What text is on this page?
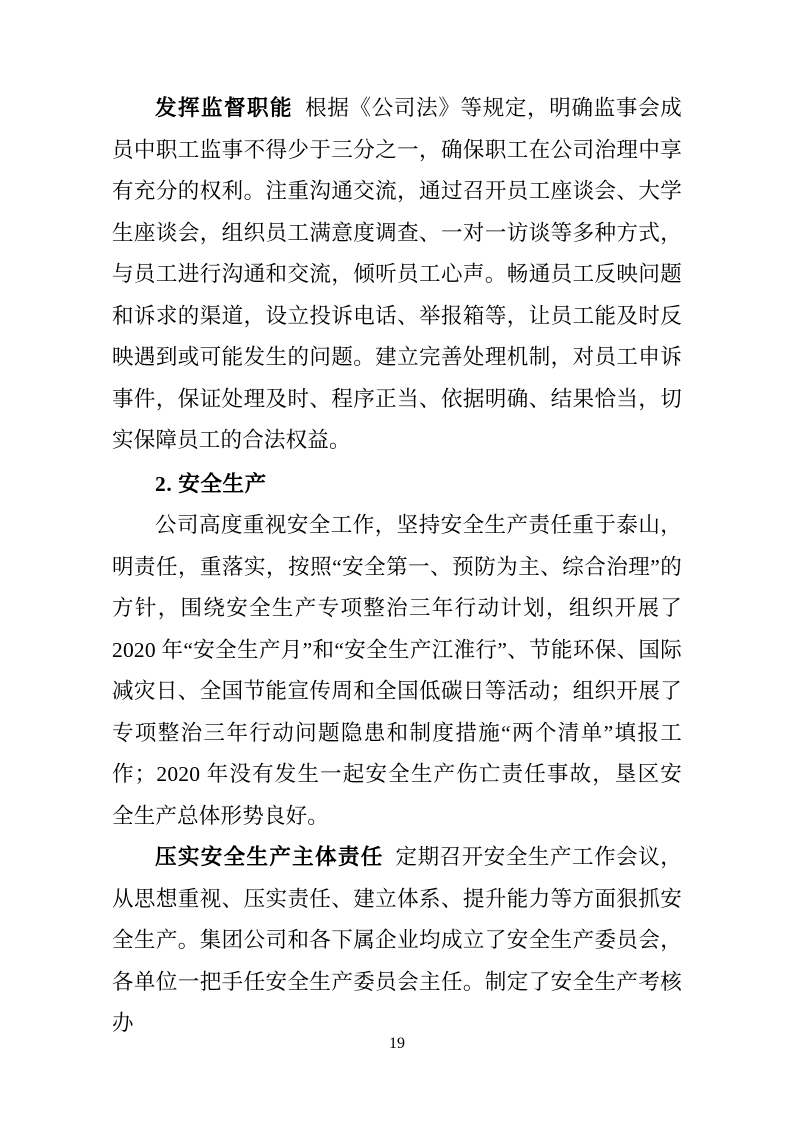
发挥监督职能 根据《公司法》等规定，明确监事会成员中职工监事不得少于三分之一，确保职工在公司治理中享有充分的权利。注重沟通交流，通过召开员工座谈会、大学生座谈会，组织员工满意度调查、一对一访谈等多种方式，与员工进行沟通和交流，倾听员工心声。畅通员工反映问题和诉求的渠道，设立投诉电话、举报箱等，让员工能及时反映遇到或可能发生的问题。建立完善处理机制，对员工申诉事件，保证处理及时、程序正当、依据明确、结果恰当，切实保障员工的合法权益。

2. 安全生产

公司高度重视安全工作，坚持安全生产责任重于泰山，明责任，重落实，按照“安全第一、预防为主、综合治理”的方针，围绕安全生产专项整治三年行动计划，组织开展了 2020 年“安全生产月”和“安全生产江淮行”、节能环保、国际减灾日、全国节能宣传周和全国低碳日等活动；组织开展了专项整治三年行动问题隐患和制度措施“两个清单”填报工作；2020 年没有发生一起安全生产伤亡责任事故，垦区安全生产总体形势良好。

压实安全生产主体责任 定期召开安全生产工作会议，从思想重视、压实责任、建立体系、提升能力等方面狠抓安全生产。集团公司和各下属企业均成立了安全生产委员会，各单位一把手任安全生产委员会主任。制定了安全生产考核办

19
